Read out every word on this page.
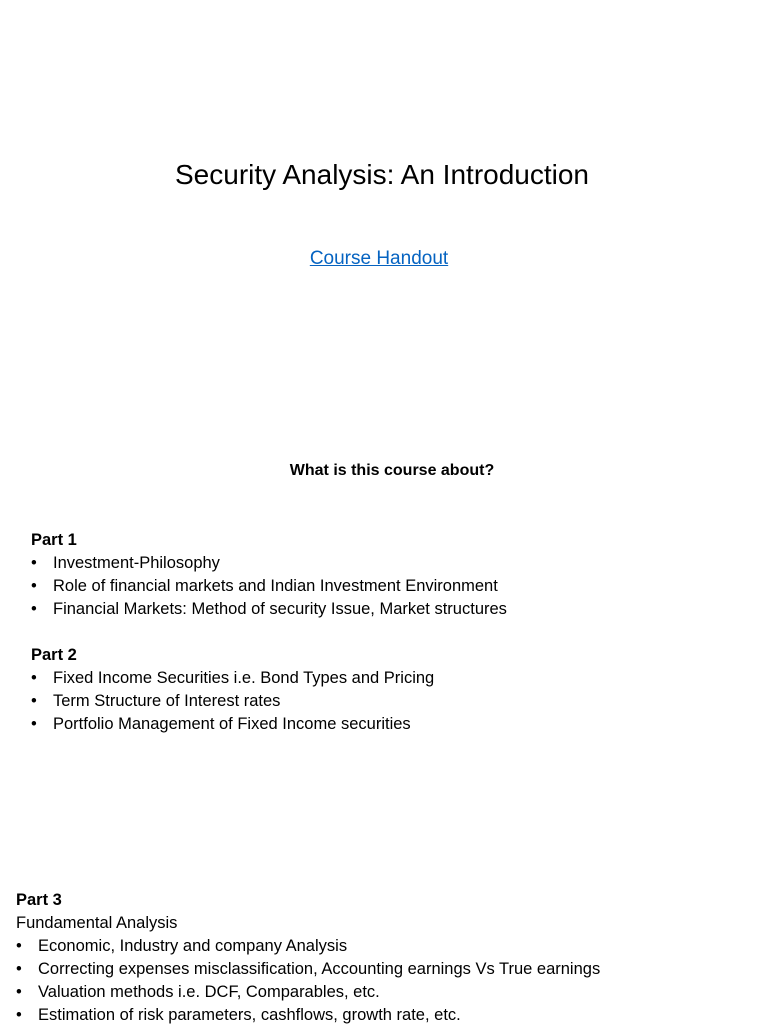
Security Analysis: An Introduction
Course Handout
What is this course about?

Part 1

• Investment-Philosophy
• Role of financial markets and Indian Investment Environment
• Financial Markets: Method of security Issue, Market structures

Part 2

• Fixed Income Securities i.e. Bond Types and Pricing
• Term Structure of Interest rates
• Portfolio Management of Fixed Income securities

Part 3

Fundamental Analysis

• Economic, Industry and company Analysis
• Correcting expenses misclassification, Accounting earnings Vs True earnings
• Valuation methods i.e. DCF, Comparables, etc.
• Estimation of risk parameters, cashflows, growth rate, etc.
